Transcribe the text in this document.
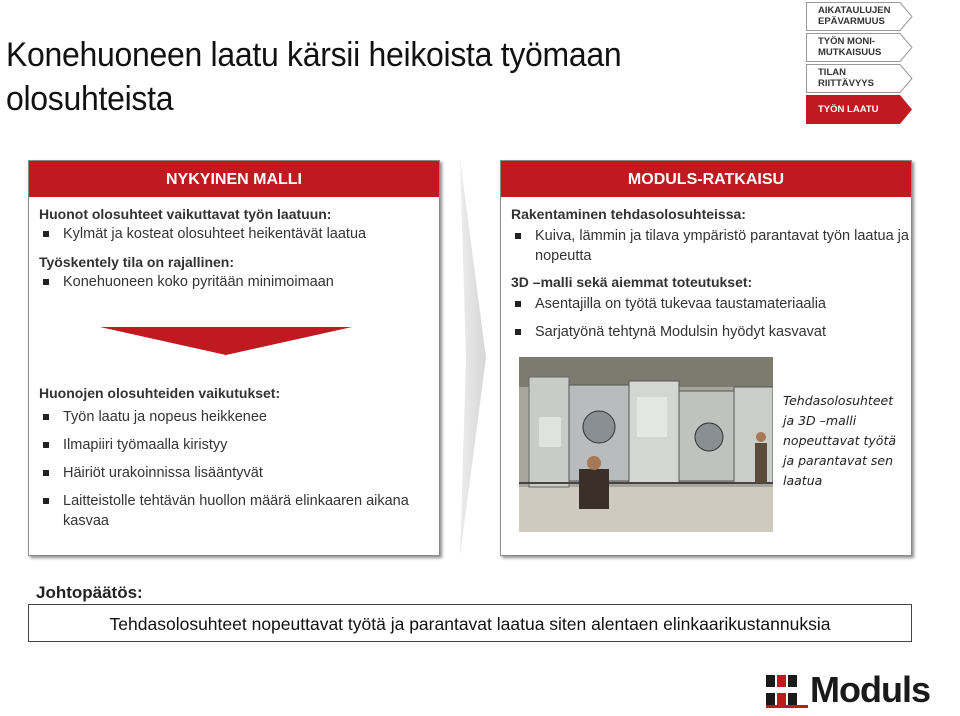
Konehuoneen laatu kärsii heikoista työmaan olosuhteista
AIKATAULUJEN EPÄVARMUUS
TYÖN MONI-MUTKAISUUS
TILAN RIITTÄVYYS
TYÖN LAATU
NYKYINEN MALLI

Huonot olosuhteet vaikuttavat työn laatuun:

Kylmät ja kosteat olosuhteet heikentävät laatua

Työskentely tila on rajallinen:

Konehuoneen koko pyritään minimoimaan

Huonojen olosuhteiden vaikutukset:

Työn laatu ja nopeus heikkenee
Ilmapiiri työmaalla kiristyy
Häiriöt urakoinnissa lisääntyvät
Laitteistolle tehtävän huollon määrä elinkaaren aikana kasvaa
MODULS-RATKAISU

Rakentaminen tehdasolosuhteissa:

Kuiva, lämmin ja tilava ympäristö parantavat työn laatua ja nopeutta

3D –malli sekä aiemmat toteutukset:

Asentajilla on työtä tukevaa taustamateriaalia
Sarjatyönä tehtynä Modulsin hyödyt kasvavat
Tehdasolosuhteet ja 3D –malli nopeuttavat työtä ja parantavat sen laatua
Johtopäätös:
Tehdasolosuhteet nopeuttavat työtä ja parantavat laatua siten alentaen elinkaarikustannuksia
Moduls
